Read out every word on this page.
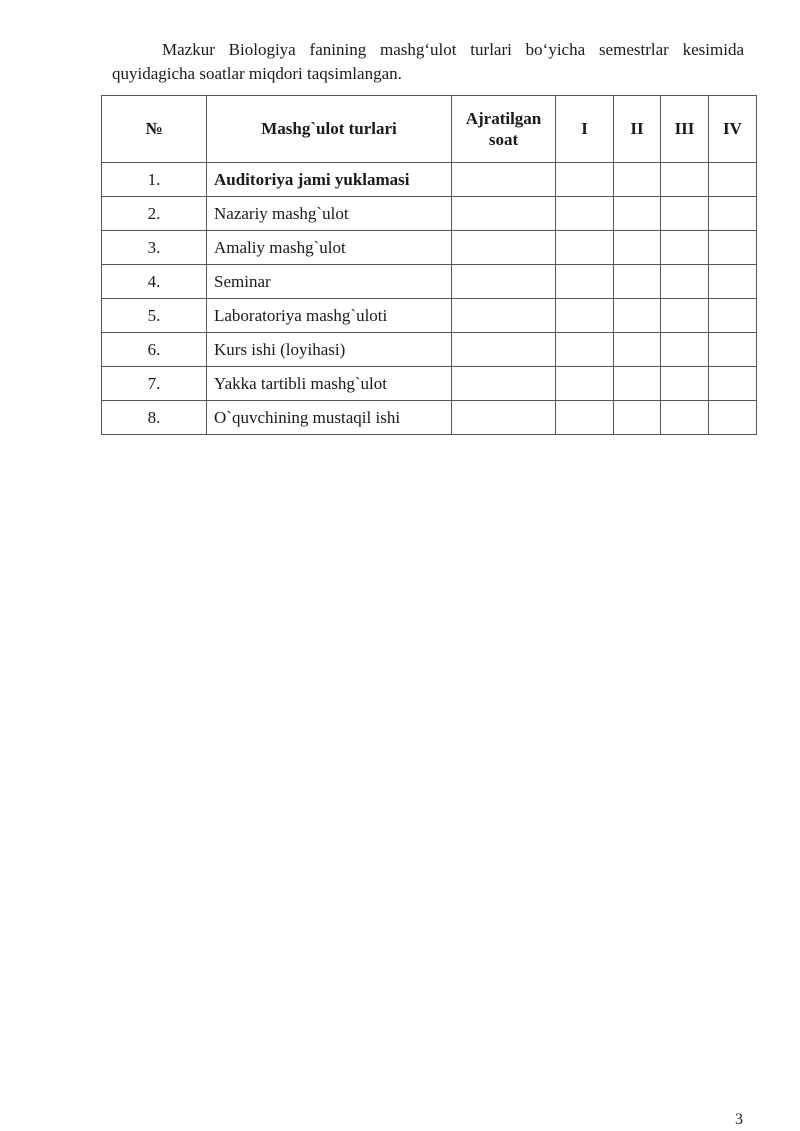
Mazkur Biologiya fanining mashg‘ulot turlari bo‘yicha semestrlar kesimida
quyidagicha soatlar miqdori taqsimlangan.
№	Mashg`ulot turlari	Ajratilgan soat	I	II	III	IV
1.	Auditoriya jami yuklamasi					
2.	Nazariy mashg`ulot					
3.	Amaliy mashg`ulot					
4.	Seminar					
5.	Laboratoriya mashg`uloti					
6.	Kurs ishi (loyihasi)					
7.	Yakka tartibli mashg`ulot					
8.	O`quvchining mustaqil ishi					
3
